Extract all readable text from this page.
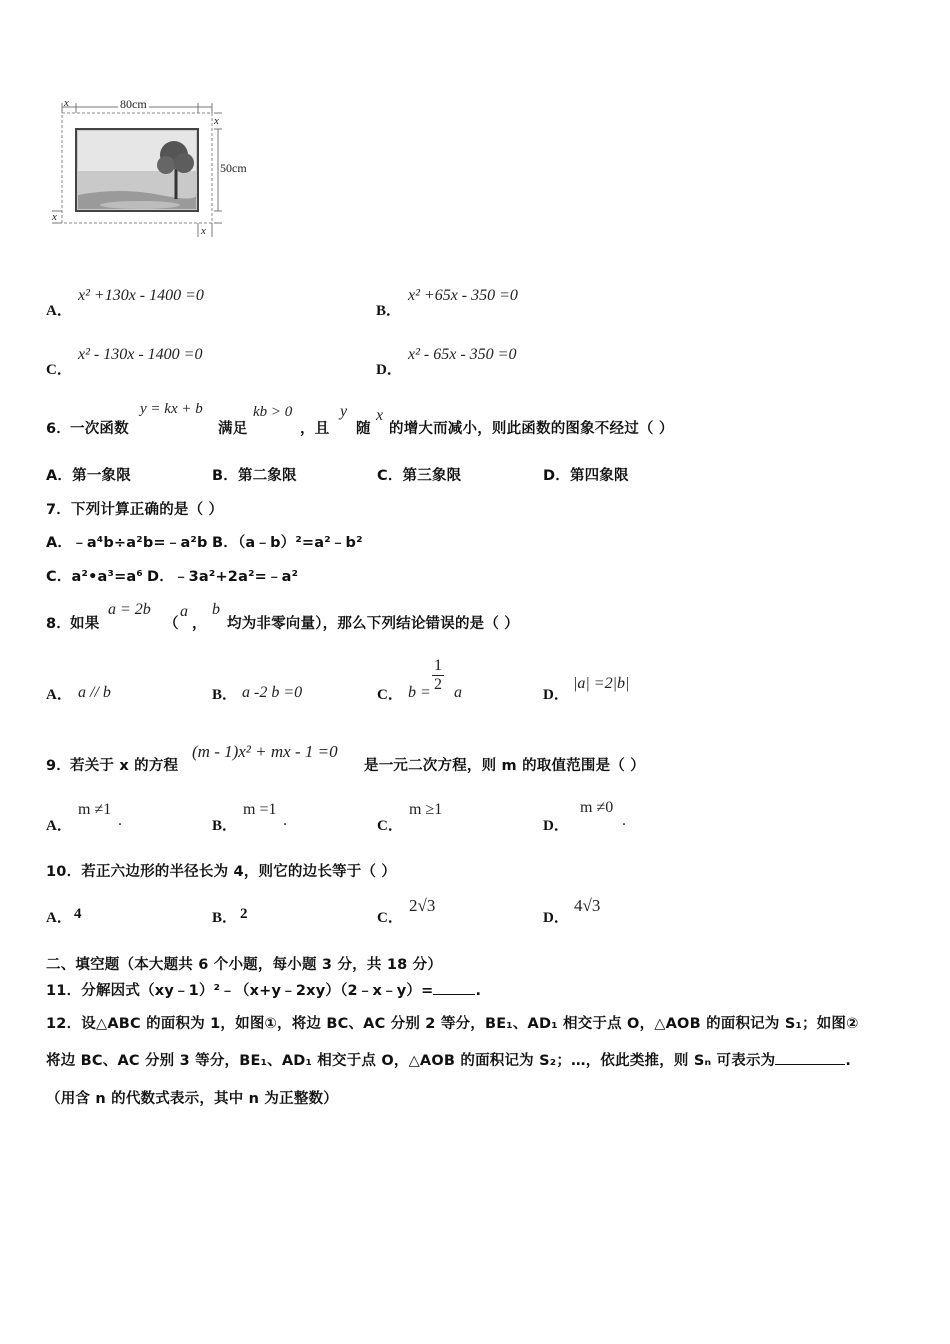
x	80cm
x
50cm
x
x
A．
x² +130x - 1400 =0
B．
x² +65x - 350 =0
C．
x² - 130x - 1400 =0
D．
x² - 65x - 350 =0
6． 一次函数
y = kx + b
满足
kb > 0
，且
y
随
x
的增大而减小，则此函数的图象不经过（ ）
A．第一象限	B．第二象限	C．第三象限	D．第四象限
7．下列计算正确的是（ ）
A．﹣a⁴b÷a²b=﹣a²b B．（a﹣b）²=a²﹣b²
C．a²•a³=a⁶ D．﹣3a²+2a²=﹣a²
8． 如果
a = 2b
（
a
，
b
均为非零向量），那么下列结论错误的是（ ）
A． a // b	B． a -2 b =0	C． $b = \frac{1}{2}$ a	D．
|a| =2|b|
9． 若关于 x 的方程
(m - 1)x² + mx - 1 =0
是一元二次方程，则 m 的取值范围是（ ）
A．
m ≠1
.	B．
m =1
.	C．
m ≥1
D．
m ≠0
.
10．若正六边形的半径长为 4，则它的边长等于（ ）
A． 4	B． 2	C．
2√3
D．
4√3
二、填空题（本大题共 6 个小题，每小题 3 分，共 18 分）
11．分解因式（xy﹣1）²﹣（x+y﹣2xy）（2﹣x﹣y）=	.
12．设△ABC 的面积为 1，如图①，将边 BC、AC 分别 2 等分，BE₁、AD₁ 相交于点 O，△AOB 的面积记为 S₁；如图②
将边 BC、AC 分别 3 等分，BE₁、AD₁ 相交于点 O，△AOB 的面积记为 S₂；…，依此类推，则 Sₙ 可表示为	.
（用含 n 的代数式表示，其中 n 为正整数）
